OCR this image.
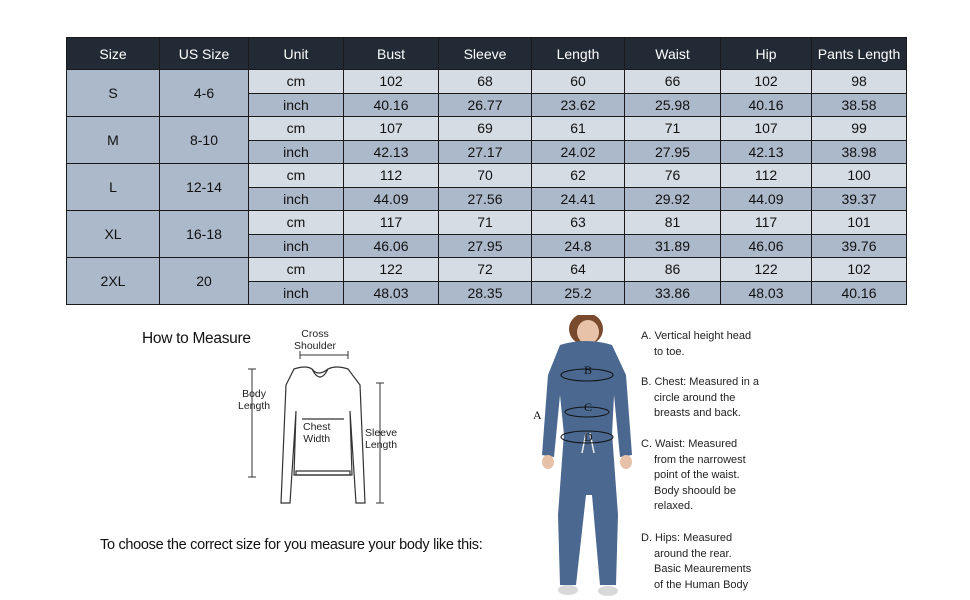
Size	US Size	Unit	Bust	Sleeve	Length	Waist	Hip	Pants Length
S	4-6	cm	102	68	60	66	102	98
		inch	40.16	26.77	23.62	25.98	40.16	38.58
M	8-10	cm	107	69	61	71	107	99
		inch	42.13	27.17	24.02	27.95	42.13	38.98
L	12-14	cm	112	70	62	76	112	100
		inch	44.09	27.56	24.41	29.92	44.09	39.37
XL	16-18	cm	117	71	63	81	117	101
		inch	46.06	27.95	24.8	31.89	46.06	39.76
2XL	20	cm	122	72	64	86	122	102
		inch	48.03	28.35	25.2	33.86	48.03	40.16
How to Measure	Cross
Shoulder
Body
Length
Chest
Width	Sleeve
Length
To choose the correct size for you measure your body like this:
B
C
D
A
A. Vertical height head
to toe.
B. Chest: Measured in a
circle around the
breasts and back.
C. Waist: Measured
from the narrowest
point of the waist.
Body shoould be
relaxed.
D. Hips: Measured
around the rear.
Basic Meaurements
of the Human Body
